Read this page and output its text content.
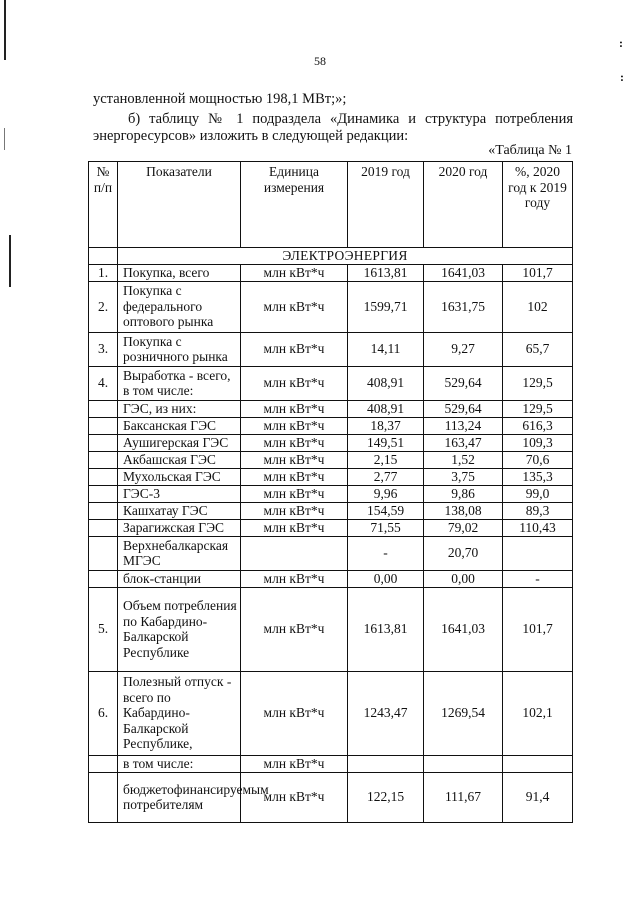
:
:
58
установленной мощностью 198,1 МВт;»;
б) таблицу № 1 подраздела «Динамика и структура потребления энергоресурсов» изложить в следующей редакции:
«Таблица № 1
№ п/п	Показатели	Единица измерения	2019 год	2020 год	%, 2020 год к 2019 году
	ЭЛЕКТРОЭНЕРГИЯ				
1.	Покупка, всего	млн кВт*ч	1613,81	1641,03	101,7
2.	Покупка с федерального оптового рынка	млн кВт*ч	1599,71	1631,75	102
3.	Покупка с розничного рынка	млн кВт*ч	14,11	9,27	65,7
4.	Выработка - всего, в том числе:	млн кВт*ч	408,91	529,64	129,5
	ГЭС, из них:	млн кВт*ч	408,91	529,64	129,5
	Баксанская ГЭС	млн кВт*ч	18,37	113,24	616,3
	Аушигерская ГЭС	млн кВт*ч	149,51	163,47	109,3
	Акбашская ГЭС	млн кВт*ч	2,15	1,52	70,6
	Мухольская ГЭС	млн кВт*ч	2,77	3,75	135,3
	ГЭС-3	млн кВт*ч	9,96	9,86	99,0
	Кашхатау ГЭС	млн кВт*ч	154,59	138,08	89,3
	Зарагижская ГЭС	млн кВт*ч	71,55	79,02	110,43
	Верхнебалкарская МГЭС		-	20,70	
	блок-станции	млн кВт*ч	0,00	0,00	-
5.	Объем потребления по Кабардино-Балкарской Республике	млн кВт*ч	1613,81	1641,03	101,7
6.	Полезный отпуск - всего по Кабардино-Балкарской Республике,	млн кВт*ч	1243,47	1269,54	102,1
	в том числе:	млн кВт*ч			
	бюджетофинансируемым потребителям	млн кВт*ч	122,15	111,67	91,4
